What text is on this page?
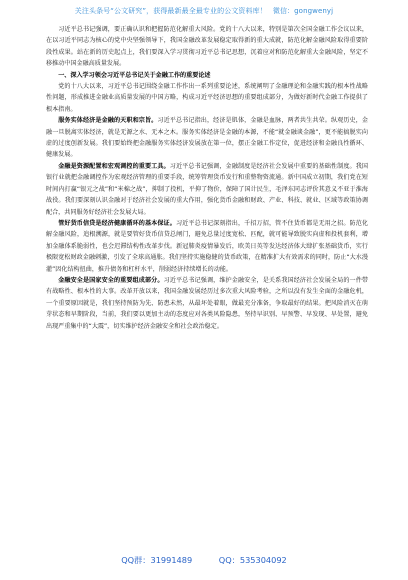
关注头条号“公文研究”，获得最新最全最专业的公文资料库！ 微信：gongwenyj

习近平总书记强调，要正确认识和把握防范化解重大风险。党的十八大以来，特别是第次全国金融工作会议以来，在以习近平同志为核心的党中央坚强领导下，我国金融改革发展稳定取得新的重大成就，防范化解金融风险取得重要阶段性成果。站在新的历史起点上，我们要深入学习贯彻习近平总书记思想，沉着应对和防范化解重大金融风险，坚定不移推动中国金融高质量发展。

一、深入学习领会习近平总书记关于金融工作的重要论述

党的十八大以来，习近平总书记围绕金融工作作出一系列重要论述，系统阐明了金融理论和金融实践的根本性战略性问题，形成推进金融业高质量发展的中国方略，构成习近平经济思想的重要组成部分，为做好新时代金融工作提供了根本指南。

服务实体经济是金融的天职和宗旨。习近平总书记指出，经济是肌体，金融是血脉，两者共生共荣。纵观历史，金融一旦脱离实体经济，就是无源之水、无本之木。服务实体经济是金融的本源，不能“就金融谈金融”，更不能搞脱实向虚的过度创新发展。我们要始终把金融服务实体经济发展放在第一位，摆正金融工作定位，促进经济和金融良性循环、健康发展。

金融是资源配置和宏观调控的重要工具。习近平总书记强调，金融制度是经济社会发展中重要的基础性制度。我国银行业就把金融调控作为宏观经济管理的重要手段，统筹管理货币发行和重整物资流通。新中国成立初期，我们党在短时间内打赢“银元之战”和“米棉之战”，抑制了投机，平抑了物价，保障了国计民生，毛泽东同志评价其意义不亚于淮海战役。我们要深刻认识金融对于经济社会发展的重大作用，强化货币金融和财政、产业、科技、就业、区域等政策协调配合，共同服务好经济社会发展大局。

管好货币信贷是经济健康循环的基本保证。习近平总书记深刻指出，千招万招，管不住货币都是无用之招。防范化解金融风险，追根溯源，就是要管好货币信贷总闸门，避免总量过度宽松、匹配，就可能导致脱实向虚和投机套利，增加金融体系脆弱性，也会迟滞结构性改革步伐。新冠肺炎疫情暴发后，欧美日英等发达经济体大肆扩张基础货币，实行极限宽松财政金融刺激，引发了全球高通胀。我们坚持实施稳健的货币政策，在精准扩大有效需求的同时，防止“大水漫灌”因化结构扭曲，推升债务和杠杆水平，削弱经济持续增长的动能。

金融安全是国家安全的重要组成部分。习近平总书记强调，维护金融安全，是关系我国经济社会发展全局的一件带有战略性、根本性的大事。改革开放以来，我国金融发展经历过多次重大风险考验，之所以没有发生全面的金融危机，一个重要原因就是，我们坚持预防为先、防患未然，从最坏处着眼，做最充分准备，争取最好的结果。把风险消灭在萌芽状态和早期阶段，当前，我们要以更加主动的态度应对各类风险隐患，坚持早识别、早预警、早发现、早处置，避免出现严重集中的“大震”，切实维护经济金融安全和社会政治稳定。

QQ群：31991489	QQ：535304092
